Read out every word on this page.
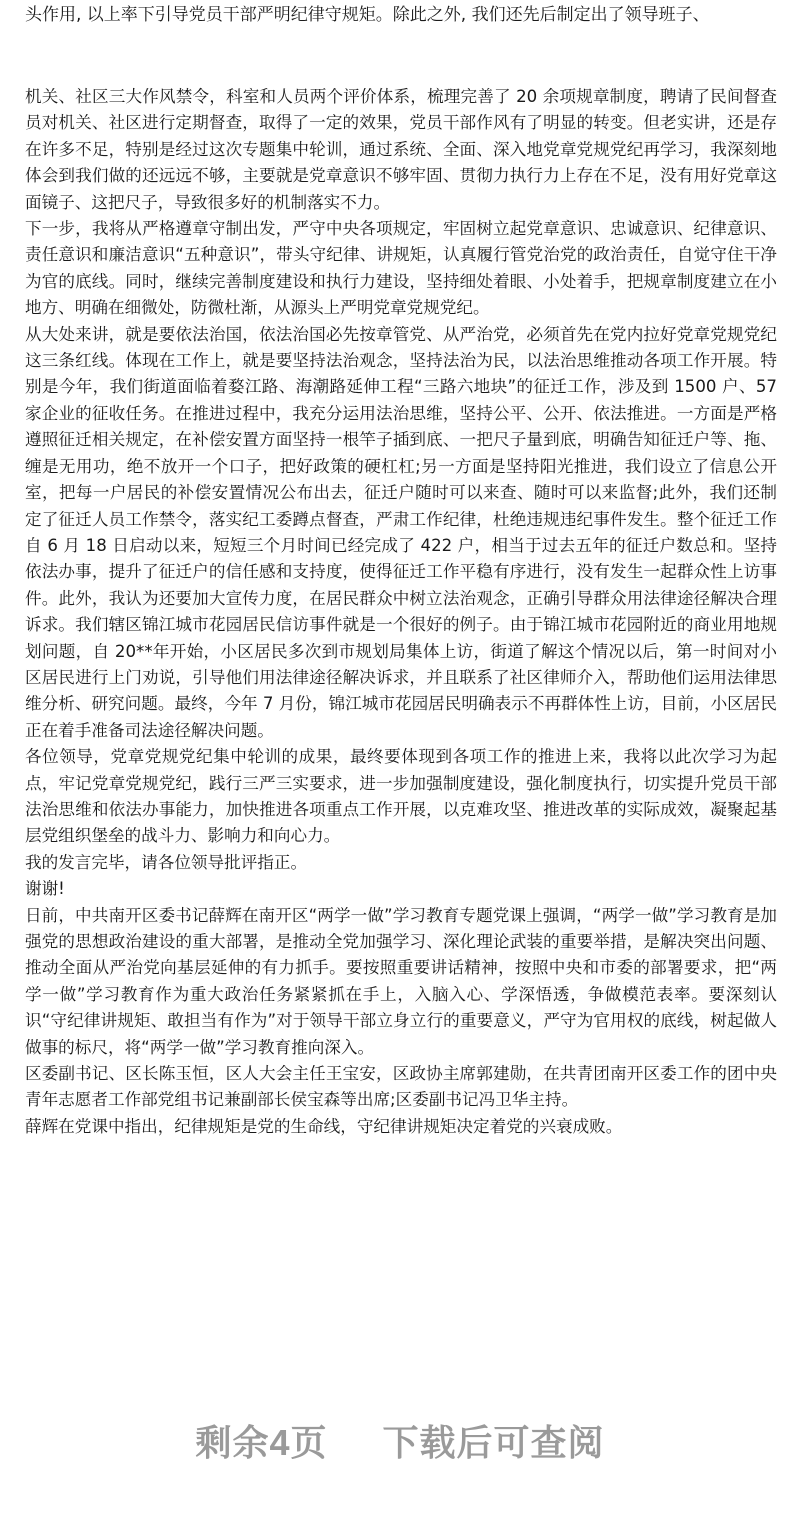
头作用, 以上率下引导党员干部严明纪律守规矩。除此之外, 我们还先后制定出了领导班子、

机关、社区三大作风禁令，科室和人员两个评价体系，梳理完善了 20 余项规章制度，聘请了民间督查员对机关、社区进行定期督查，取得了一定的效果，党员干部作风有了明显的转变。但老实讲，还是存在许多不足，特别是经过这次专题集中轮训，通过系统、全面、深入地党章党规党纪再学习，我深刻地体会到我们做的还远远不够，主要就是党章意识不够牢固、贯彻力执行力上存在不足，没有用好党章这面镜子、这把尺子，导致很多好的机制落实不力。

下一步，我将从严格遵章守制出发，严守中央各项规定，牢固树立起党章意识、忠诚意识、纪律意识、责任意识和廉洁意识“五种意识”，带头守纪律、讲规矩，认真履行管党治党的政治责任，自觉守住干净为官的底线。同时，继续完善制度建设和执行力建设，坚持细处着眼、小处着手，把规章制度建立在小地方、明确在细微处，防微杜渐，从源头上严明党章党规党纪。

从大处来讲，就是要依法治国，依法治国必先按章管党、从严治党，必须首先在党内拉好党章党规党纪这三条红线。体现在工作上，就是要坚持法治观念，坚持法治为民，以法治思维推动各项工作开展。特别是今年，我们街道面临着婺江路、海潮路延伸工程“三路六地块”的征迁工作，涉及到 1500 户、57 家企业的征收任务。在推进过程中，我充分运用法治思维，坚持公平、公开、依法推进。一方面是严格遵照征迁相关规定，在补偿安置方面坚持一根竿子插到底、一把尺子量到底，明确告知征迁户等、拖、缠是无用功，绝不放开一个口子，把好政策的硬杠杠;另一方面是坚持阳光推进，我们设立了信息公开室，把每一户居民的补偿安置情况公布出去，征迁户随时可以来查、随时可以来监督;此外，我们还制定了征迁人员工作禁令，落实纪工委蹲点督查，严肃工作纪律，杜绝违规违纪事件发生。整个征迁工作自 6 月 18 日启动以来，短短三个月时间已经完成了 422 户，相当于过去五年的征迁户数总和。坚持依法办事，提升了征迁户的信任感和支持度，使得征迁工作平稳有序进行，没有发生一起群众性上访事件。此外，我认为还要加大宣传力度，在居民群众中树立法治观念，正确引导群众用法律途径解决合理诉求。我们辖区锦江城市花园居民信访事件就是一个很好的例子。由于锦江城市花园附近的商业用地规划问题，自 20**年开始，小区居民多次到市规划局集体上访，街道了解这个情况以后，第一时间对小区居民进行上门劝说，引导他们用法律途径解决诉求，并且联系了社区律师介入，帮助他们运用法律思维分析、研究问题。最终，今年 7 月份，锦江城市花园居民明确表示不再群体性上访，目前，小区居民正在着手准备司法途径解决问题。

各位领导，党章党规党纪集中轮训的成果，最终要体现到各项工作的推进上来，我将以此次学习为起点，牢记党章党规党纪，践行三严三实要求，进一步加强制度建设，强化制度执行，切实提升党员干部法治思维和依法办事能力，加快推进各项重点工作开展，以克难攻坚、推进改革的实际成效，凝聚起基层党组织堡垒的战斗力、影响力和向心力。

我的发言完毕，请各位领导批评指正。

谢谢!

日前，中共南开区委书记薛辉在南开区“两学一做”学习教育专题党课上强调，“两学一做”学习教育是加强党的思想政治建设的重大部署，是推动全党加强学习、深化理论武装的重要举措，是解决突出问题、推动全面从严治党向基层延伸的有力抓手。要按照重要讲话精神，按照中央和市委的部署要求，把“两学一做”学习教育作为重大政治任务紧紧抓在手上，入脑入心、学深悟透，争做模范表率。要深刻认识“守纪律讲规矩、敢担当有作为”对于领导干部立身立行的重要意义，严守为官用权的底线，树起做人做事的标尺，将“两学一做”学习教育推向深入。

区委副书记、区长陈玉恒，区人大会主任王宝安，区政协主席郭建勋，在共青团南开区委工作的团中央青年志愿者工作部党组书记兼副部长侯宝森等出席;区委副书记冯卫华主持。

薛辉在党课中指出，纪律规矩是党的生命线，守纪律讲规矩决定着党的兴衰成败。

剩余4页 下载后可查阅
